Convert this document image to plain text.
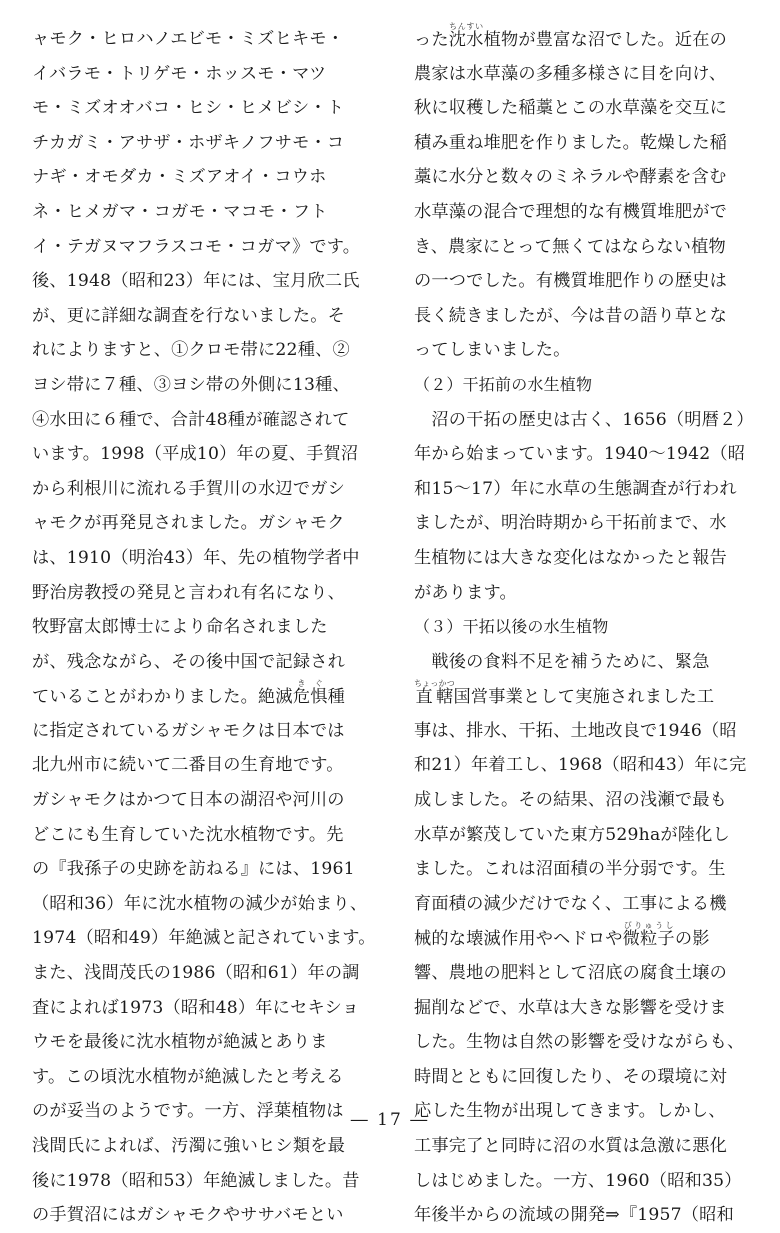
ャモク・ヒロハノエビモ・ミズヒキモ・
イバラモ・トリゲモ・ホッスモ・マツ
モ・ミズオオバコ・ヒシ・ヒメビシ・ト
チカガミ・アサザ・ホザキノフサモ・コ
ナギ・オモダカ・ミズアオイ・コウホ
ネ・ヒメガマ・コガモ・マコモ・フト
イ・テガヌマフラスコモ・コガマ》です。
後、1948（昭和23）年には、宝月欣二氏
が、更に詳細な調査を行ないました。そ
れによりますと、①クロモ帯に22種、②
ヨシ帯に７種、③ヨシ帯の外側に13種、
④水田に６種で、合計48種が確認されて
います。1998（平成10）年の夏、手賀沼
から利根川に流れる手賀川の水辺でガシ
ャモクが再発見されました。ガシャモク
は、1910（明治43）年、先の植物学者中
野治房教授の発見と言われ有名になり、
牧野富太郎博士により命名されました
が、残念ながら、その後中国で記録され
ていることがわかりました。絶滅危惧きぐ種
に指定されているガシャモクは日本では
北九州市に続いて二番目の生育地です。
ガシャモクはかつて日本の湖沼や河川の
どこにも生育していた沈水植物です。先
の『我孫子の史跡を訪ねる』には、1961
（昭和36）年に沈水植物の減少が始まり、
1974（昭和49）年絶滅と記されています。
また、浅間茂氏の1986（昭和61）年の調
査によれば1973（昭和48）年にセキショ
ウモを最後に沈水植物が絶滅とありま
す。この頃沈水植物が絶滅したと考える
のが妥当のようです。一方、浮葉植物は
浅間氏によれば、汚濁に強いヒシ類を最
後に1978（昭和53）年絶滅しました。昔
の手賀沼にはガシャモクやササバモとい
った沈水ちんすい植物が豊富な沼でした。近在の
農家は水草藻の多種多様さに目を向け、
秋に収穫した稲藁とこの水草藻を交互に
積み重ね堆肥を作りました。乾燥した稲
藁に水分と数々のミネラルや酵素を含む
水草藻の混合で理想的な有機質堆肥がで
き、農家にとって無くてはならない植物
の一つでした。有機質堆肥作りの歴史は
長く続きましたが、今は昔の語り草とな
ってしまいました。
（２）干拓前の水生植物
　沼の干拓の歴史は古く、1656（明暦２）
年から始まっています。1940～1942（昭
和15～17）年に水草の生態調査が行われ
ましたが、明治時期から干拓前まで、水
生植物には大きな変化はなかったと報告
があります。
（３）干拓以後の水生植物
　戦後の食料不足を補うために、緊急
直轄ちょっかつ国営事業として実施されました工
事は、排水、干拓、土地改良で1946（昭
和21）年着工し、1968（昭和43）年に完
成しました。その結果、沼の浅瀬で最も
水草が繁茂していた東方529haが陸化し
ました。これは沼面積の半分弱です。生
育面積の減少だけでなく、工事による機
械的な壊滅作用やヘドロや微粒子びりゅうしの影
響、農地の肥料として沼底の腐食土壌の
掘削などで、水草は大きな影響を受けま
した。生物は自然の影響を受けながらも、
時間とともに回復したり、その環境に対
応した生物が出現してきます。しかし、
工事完了と同時に沼の水質は急激に悪化
しはじめました。一方、1960（昭和35）
年後半からの流域の開発⇒『1957（昭和
― 17 ―
